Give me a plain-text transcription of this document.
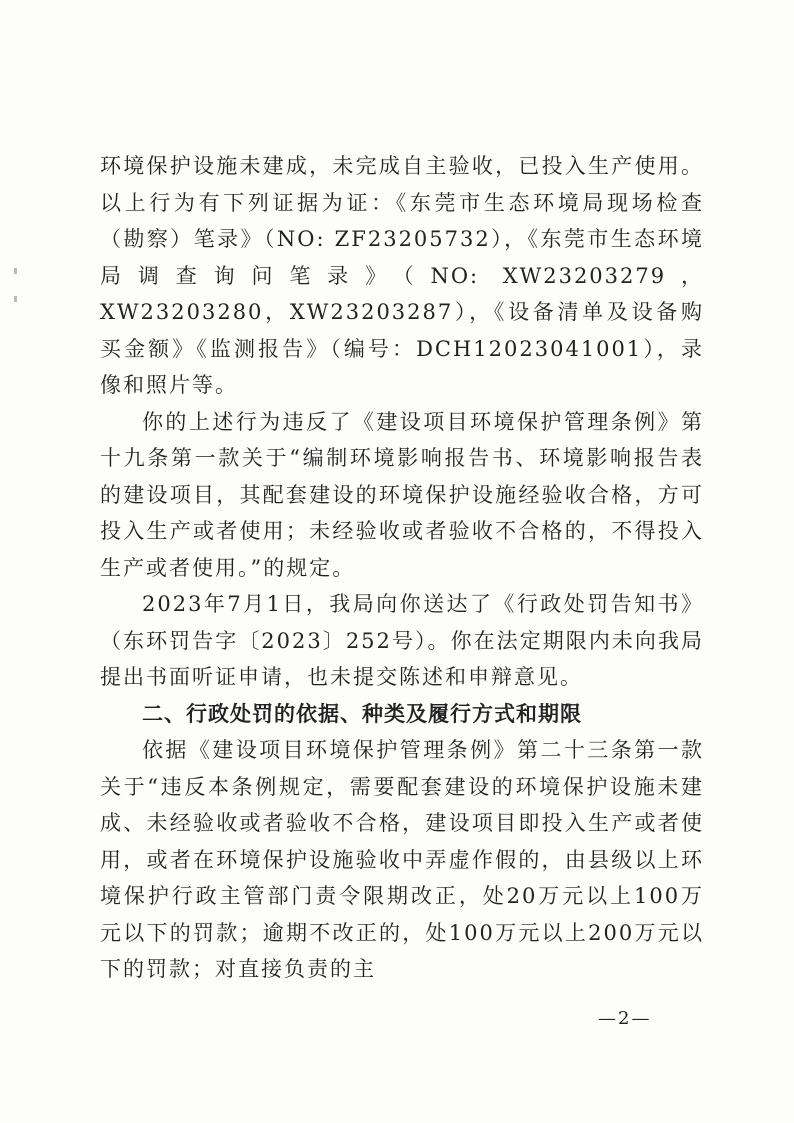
环境保护设施未建成，未完成自主验收，已投入生产使用。以上行为有下列证据为证：《东莞市生态环境局现场检查（勘察）笔录》（NO: ZF23205732），《东莞市生态环境局调查询问笔录》（NO: XW23203279，XW23203280，XW23203287），《设备清单及设备购买金额》《监测报告》（编号：DCH12023041001），录像和照片等。

你的上述行为违反了《建设项目环境保护管理条例》第十九条第一款关于“编制环境影响报告书、环境影响报告表的建设项目，其配套建设的环境保护设施经验收合格，方可投入生产或者使用；未经验收或者验收不合格的，不得投入生产或者使用。”的规定。

2023年7月1日，我局向你送达了《行政处罚告知书》（东环罚告字〔2023〕252号）。你在法定期限内未向我局提出书面听证申请，也未提交陈述和申辩意见。

二、行政处罚的依据、种类及履行方式和期限

依据《建设项目环境保护管理条例》第二十三条第一款关于“违反本条例规定，需要配套建设的环境保护设施未建成、未经验收或者验收不合格，建设项目即投入生产或者使用，或者在环境保护设施验收中弄虚作假的，由县级以上环境保护行政主管部门责令限期改正，处20万元以上100万元以下的罚款；逾期不改正的，处100万元以上200万元以下的罚款；对直接负责的主

—2—
